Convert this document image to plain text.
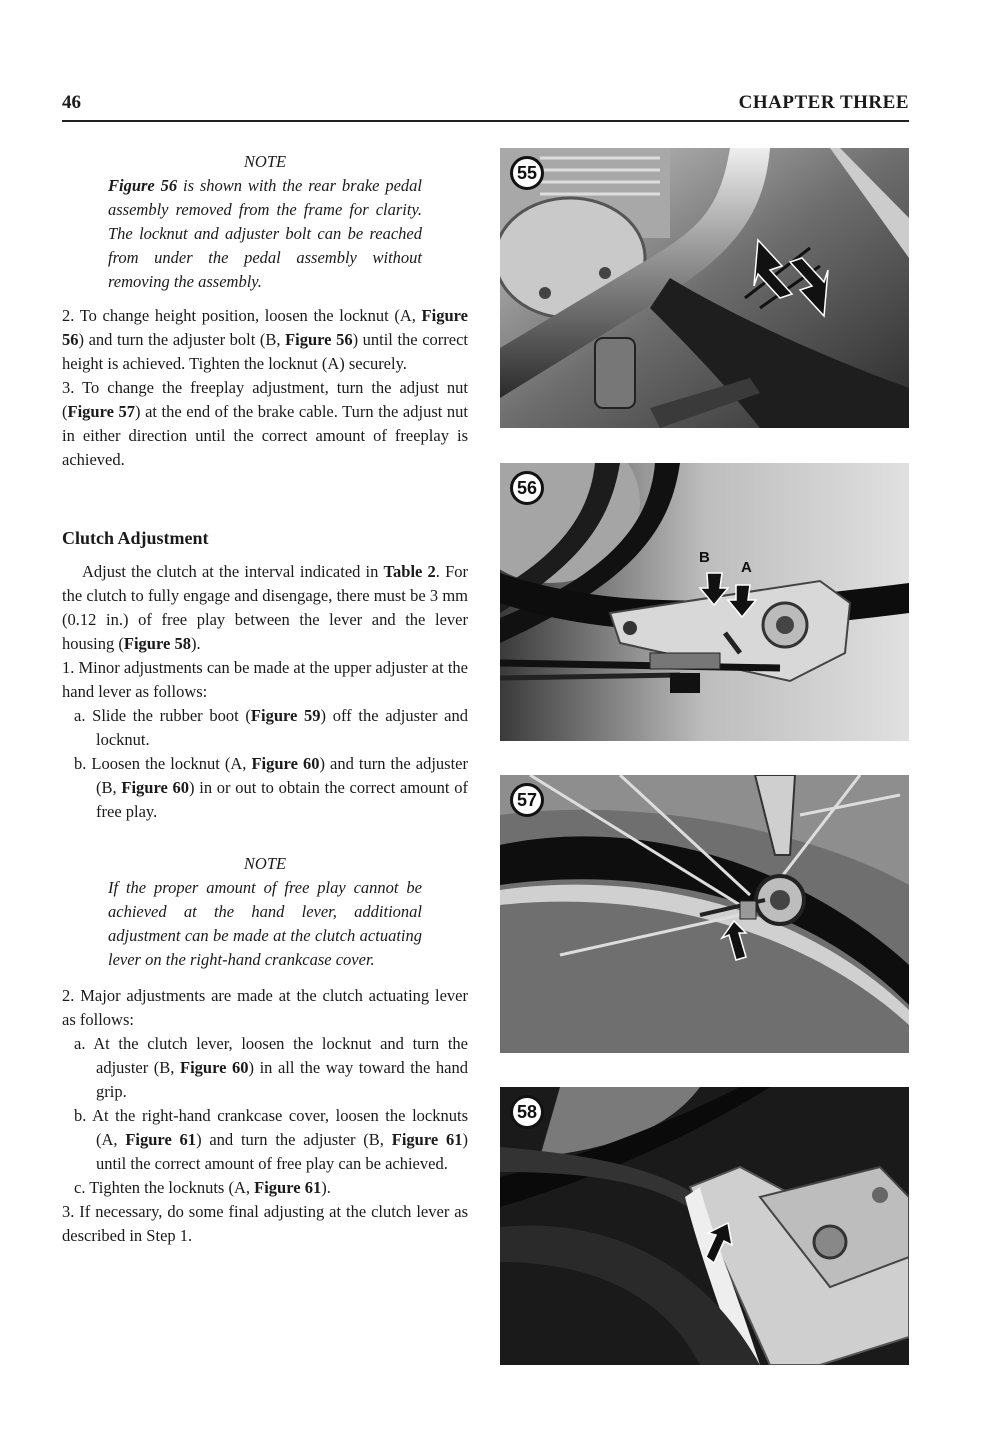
46	CHAPTER THREE
NOTE
Figure 56 is shown with the rear brake pedal assembly removed from the frame for clarity. The locknut and adjuster bolt can be reached from under the pedal assembly without removing the assembly.

2. To change height position, loosen the locknut (A, Figure 56) and turn the adjuster bolt (B, Figure 56) until the correct height is achieved. Tighten the locknut (A) securely.

3. To change the freeplay adjustment, turn the adjust nut (Figure 57) at the end of the brake cable. Turn the adjust nut in either direction until the correct amount of freeplay is achieved.

Clutch Adjustment

Adjust the clutch at the interval indicated in Table 2. For the clutch to fully engage and disengage, there must be 3 mm (0.12 in.) of free play between the lever and the lever housing (Figure 58).

1. Minor adjustments can be made at the upper adjuster at the hand lever as follows:

a. Slide the rubber boot (Figure 59) off the adjuster and locknut.
b. Loosen the locknut (A, Figure 60) and turn the adjuster (B, Figure 60) in or out to obtain the correct amount of free play.
NOTE
If the proper amount of free play cannot be achieved at the hand lever, additional adjustment can be made at the clutch actuating lever on the right-hand crankcase cover.

2. Major adjustments are made at the clutch actuating lever as follows:

a. At the clutch lever, loosen the locknut and turn the adjuster (B, Figure 60) in all the way toward the hand grip.
b. At the right-hand crankcase cover, loosen the locknuts (A, Figure 61) and turn the adjuster (B, Figure 61) until the correct amount of free play can be achieved.
c. Tighten the locknuts (A, Figure 61).

3. If necessary, do some final adjusting at the clutch lever as described in Step 1.

55
56
B
A
57
58
